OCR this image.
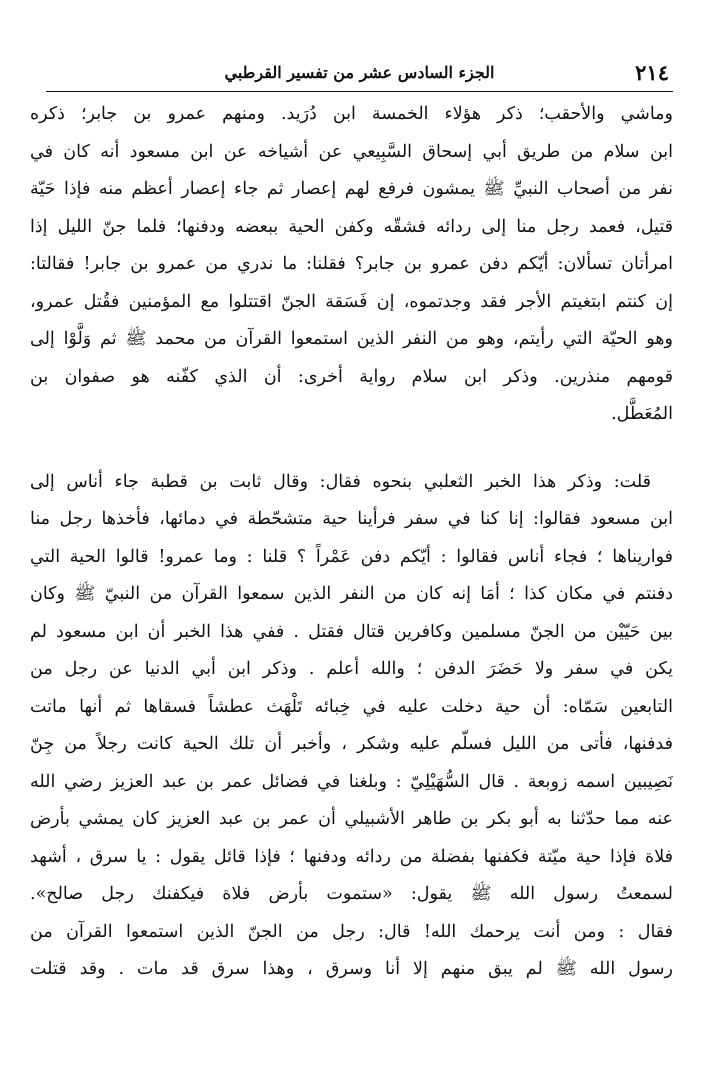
٢١٤
الجزء السادس عشر من تفسير القرطبي
وماشي والأحقب؛ ذكر هؤلاء الخمسة ابن دُرَيد. ومنهم عمرو بن جابر؛ ذكره
ابن سلام من طريق أبي إسحاق السَّبِيعي عن أشياخه عن ابن مسعود أنه كان في
نفر من أصحاب النبيِّ ﷺ يمشون فرفع لهم إعصار ثم جاء إعصار أعظم منه فإذا حَيّة
قتيل، فعمد رجل منا إلى ردائه فشقّه وكفن الحية ببعضه ودفنها؛ فلما جنّ الليل إذا
امرأتان تسألان: أيّكم دفن عمرو بن جابر؟ فقلنا: ما ندري من عمرو بن جابر! فقالتا:
إن كنتم ابتغيتم الأجر فقد وجدتموه، إن فَسَقة الجنّ اقتتلوا مع المؤمنين فقُتل عمرو،
وهو الحيّة التي رأيتم، وهو من النفر الذين استمعوا القرآن من محمد ﷺ ثم وَلَّوْا إلى
قومهم منذرين. وذكر ابن سلام رواية أخرى: أن الذي كفّنه هو صفوان بن
المُعَطَّل.
قلت: وذكر هذا الخبر الثعلبي بنحوه فقال: وقال ثابت بن قطبة جاء أناس إلى
ابن مسعود فقالوا: إنا كنا في سفر فرأينا حية متشحّطة في دمائها، فأخذها رجل منا
فواريناها ؛ فجاء أناس فقالوا : أيّكم دفن عَمْراً ؟ قلنا : وما عمرو! قالوا الحية التي
دفنتم في مكان كذا ؛ أمَا إنه كان من النفر الذين سمعوا القرآن من النبيّ ﷺ وكان
بين حَيّيْن من الجنّ مسلمين وكافرين قتال فقتل . ففي هذا الخبر أن ابن مسعود لم
يكن في سفر ولا حَضَرَ الدفن ؛ والله أعلم . وذكر ابن أبي الدنيا عن رجل من
التابعين سَمّاه: أن حية دخلت عليه في خِبائه تَلْهَث عطشاً فسقاها ثم أنها ماتت
فدفنها، فأتى من الليل فسلّم عليه وشكر ، وأخبر أن تلك الحية كانت رجلاً من جِنّ
نَصِيبين اسمه زوبعة . قال السُّهَيْلِيّ : وبلغنا في فضائل عمر بن عبد العزيز رضي الله
عنه مما حدّثنا به أبو بكر بن طاهر الأشبيلي أن عمر بن عبد العزيز كان يمشي بأرض
فلاة فإذا حية ميّتة فكفنها بفضلة من ردائه ودفنها ؛ فإذا قائل يقول : يا سرق ، أشهد
لسمعتُ رسول الله ﷺ يقول: «ستموت بأرض فلاة فيكفنك رجل صالح».
فقال : ومن أنت يرحمك الله! قال: رجل من الجنّ الذين استمعوا القرآن من
رسول الله ﷺ لم يبق منهم إلا أنا وسرق ، وهذا سرق قد مات . وقد قتلت
